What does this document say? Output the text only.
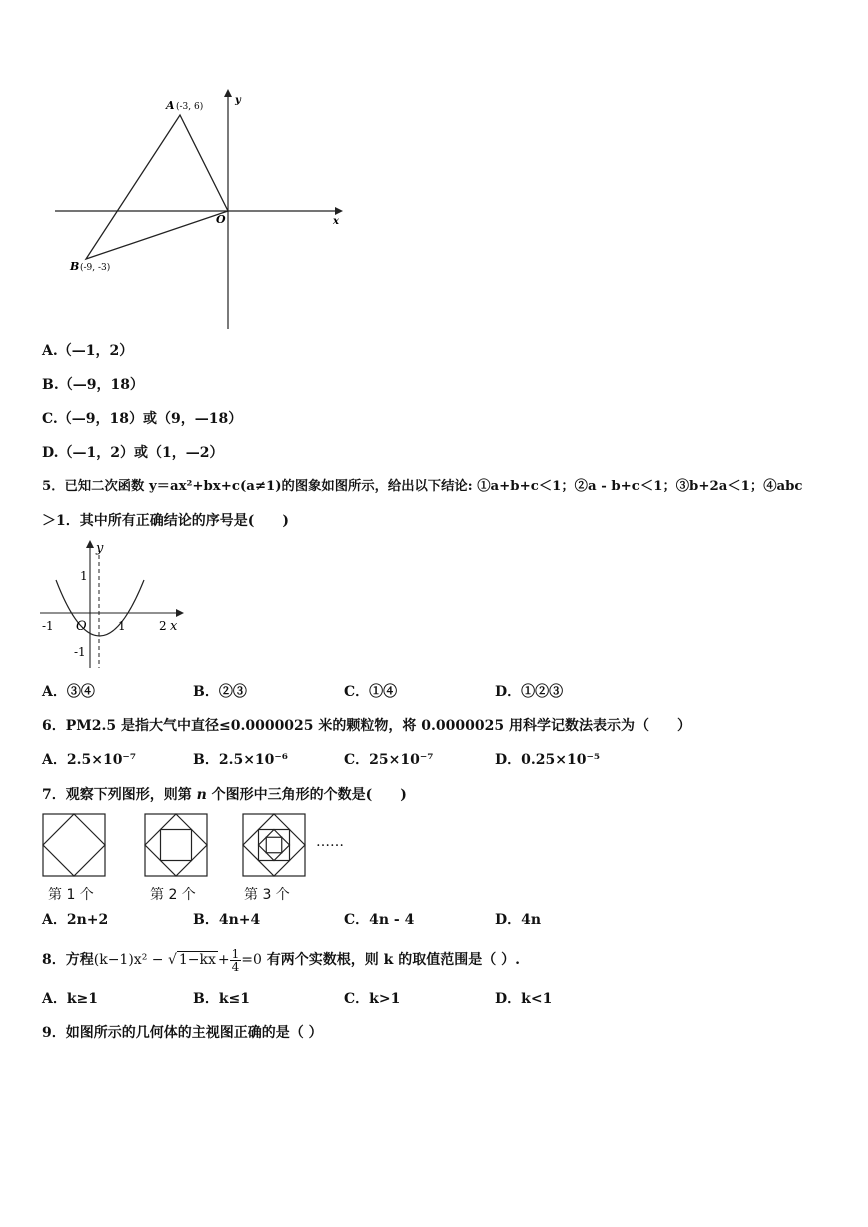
A (-3, 6)
B (-9, -3)
O	x
y
A.（—1，2）
B.（—9，18）
C.（—9，18）或（9，—18）
D.（—1，2）或（1，—2）
5．已知二次函数 y＝ax²+bx+c(a≠1)的图象如图所示，给出以下结论: ①a+b+c＜1；②a - b+c＜1；③b+2a＜1；④abc
＞1．其中所有正确结论的序号是(　　)
y
x
O
1
-1
-1	1	2
A．③④	B．②③	C．①④	D．①②③
6．PM2.5 是指大气中直径≤0.0000025 米的颗粒物，将 0.0000025 用科学记数法表示为（　　）
A．2.5×10⁻⁷	B．2.5×10⁻⁶	C．25×10⁻⁷	D．0.25×10⁻⁵
7．观察下列图形，则第 n 个图形中三角形的个数是(　　)
……
第 1 个	第 2 个	第 3 个
A．2n+2	B．4n+4	C．4n - 4	D．4n
8．方程(k−1)x² − √ $1-kx + \frac{1}{4} =0$ 有两个实数根，则 k 的取值范围是（ ）.
A．k≥1	B．k≤1	C．k>1	D．k<1
9．如图所示的几何体的主视图正确的是（ ）
